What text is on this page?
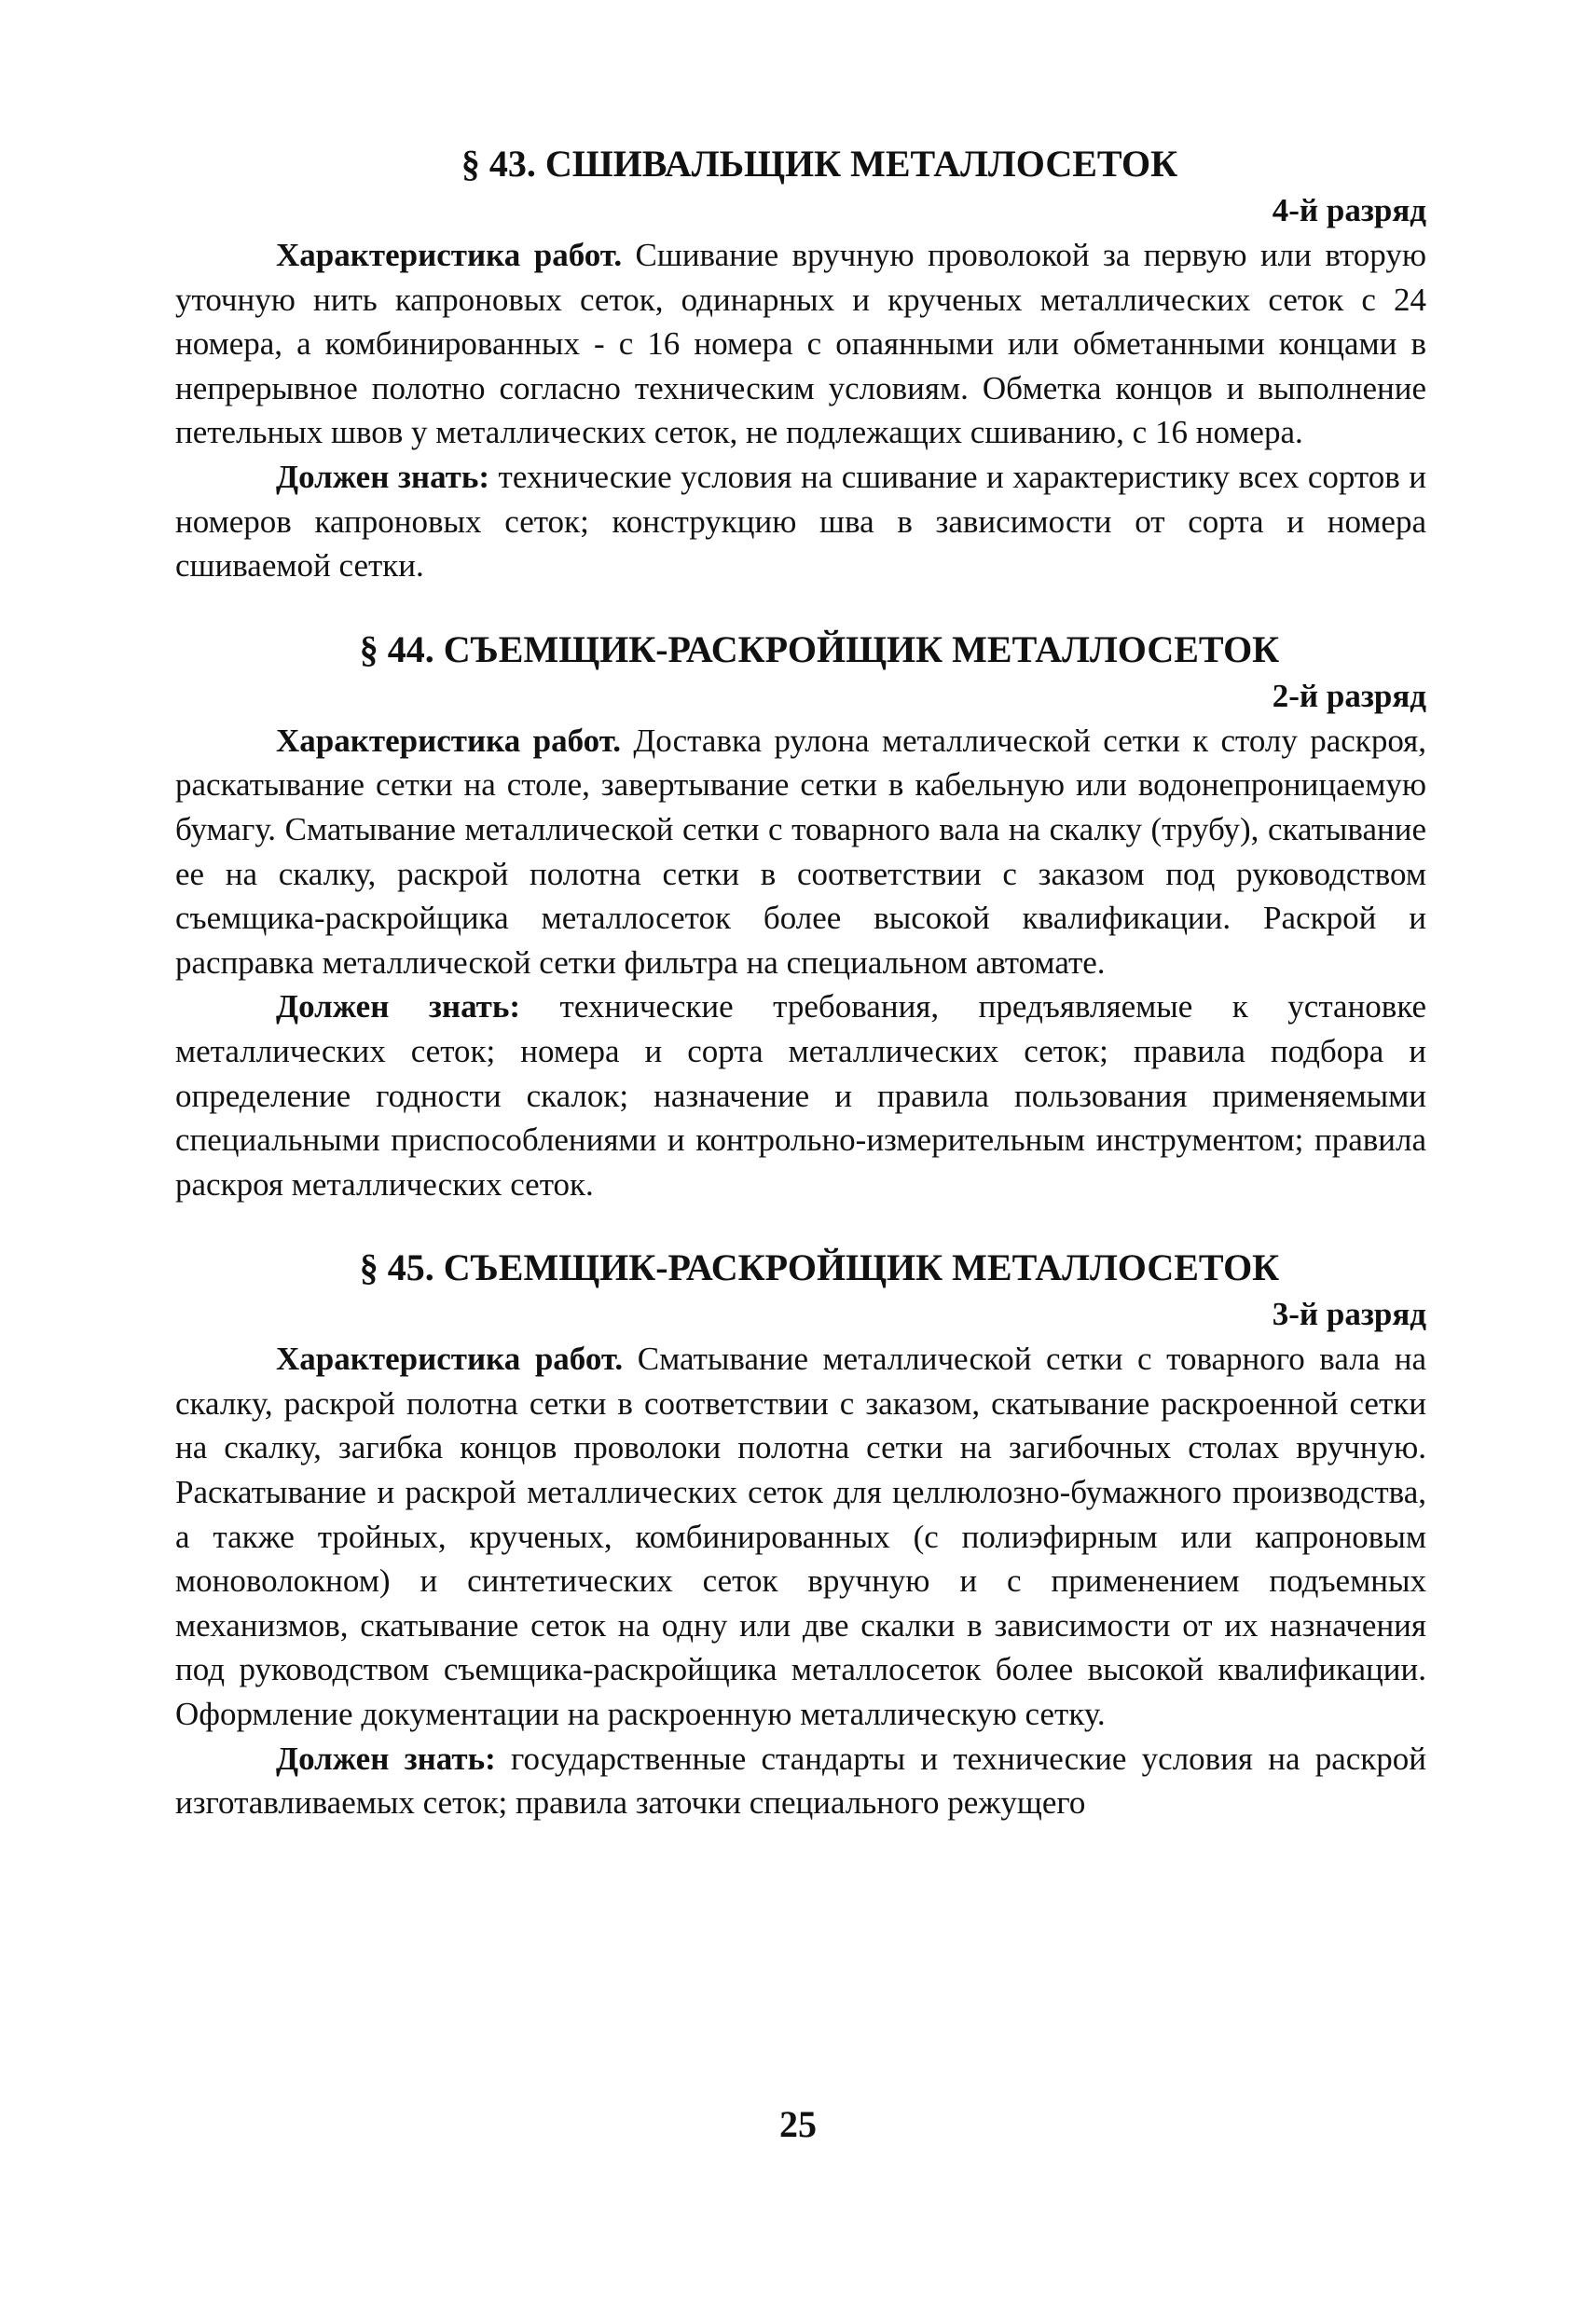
§ 43. СШИВАЛЬЩИК МЕТАЛЛОСЕТОК
4-й разряд

Характеристика работ. Сшивание вручную проволокой за первую или вторую уточную нить капроновых сеток, одинарных и крученых металлических сеток с 24 номера, а комбинированных - с 16 номера с опаянными или обметанными концами в непрерывное полотно согласно техническим условиям. Обметка концов и выполнение петельных швов у металлических сеток, не подлежащих сшиванию, с 16 номера.

Должен знать: технические условия на сшивание и характеристику всех сортов и номеров капроновых сеток; конструкцию шва в зависимости от сорта и номера сшиваемой сетки.

§ 44. СЪЕМЩИК-РАСКРОЙЩИК МЕТАЛЛОСЕТОК
2-й разряд

Характеристика работ. Доставка рулона металлической сетки к столу раскроя, раскатывание сетки на столе, завертывание сетки в кабельную или водонепроницаемую бумагу. Сматывание металлической сетки с товарного вала на скалку (трубу), скатывание ее на скалку, раскрой полотна сетки в соответствии с заказом под руководством съемщика-раскройщика металлосеток более высокой квалификации. Раскрой и расправка металлической сетки фильтра на специальном автомате.

Должен знать: технические требования, предъявляемые к установке металлических сеток; номера и сорта металлических сеток; правила подбора и определение годности скалок; назначение и правила пользования применяемыми специальными приспособлениями и контрольно-измерительным инструментом; правила раскроя металлических сеток.

§ 45. СЪЕМЩИК-РАСКРОЙЩИК МЕТАЛЛОСЕТОК
3-й разряд

Характеристика работ. Сматывание металлической сетки с товарного вала на скалку, раскрой полотна сетки в соответствии с заказом, скатывание раскроенной сетки на скалку, загибка концов проволоки полотна сетки на загибочных столах вручную. Раскатывание и раскрой металлических сеток для целлюлозно-бумажного производства, а также тройных, крученых, комбинированных (с полиэфирным или капроновым моноволокном) и синтетических сеток вручную и с применением подъемных механизмов, скатывание сеток на одну или две скалки в зависимости от их назначения под руководством съемщика-раскройщика металлосеток более высокой квалификации. Оформление документации на раскроенную металлическую сетку.

Должен знать: государственные стандарты и технические условия на раскрой изготавливаемых сеток; правила заточки специального режущего

25
